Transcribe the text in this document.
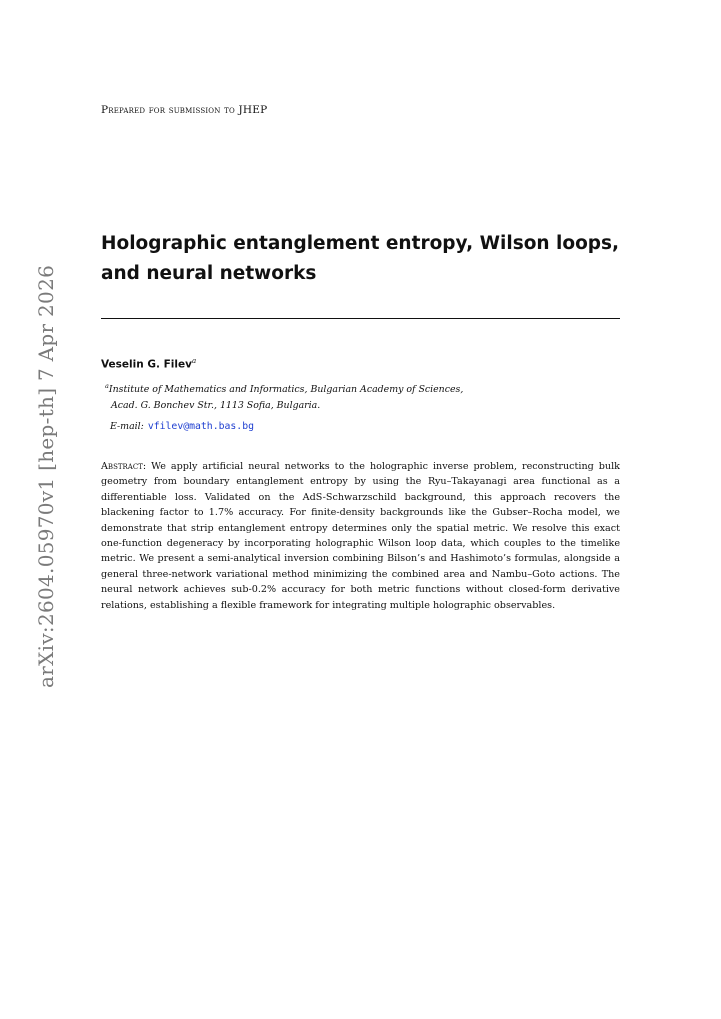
arXiv:2604.05970v1 [hep-th] 7 Apr 2026
Prepared for submission to JHEP
Holographic entanglement entropy, Wilson loops, and neural networks
Veselin G. Filev$^a$
$^a$Institute of Mathematics and Informatics, Bulgarian Academy of Sciences,
Acad. G. Bonchev Str., 1113 Sofia, Bulgaria.
E-mail: vfilev@math.bas.bg
Abstract: We apply artificial neural networks to the holographic inverse problem, reconstructing bulk geometry from boundary entanglement entropy by using the Ryu–Takayanagi area functional as a differentiable loss. Validated on the AdS-Schwarzschild background, this approach recovers the blackening factor to 1.7% accuracy. For finite-density backgrounds like the Gubser–Rocha model, we demonstrate that strip entanglement entropy determines only the spatial metric. We resolve this exact one-function degeneracy by incorporating holographic Wilson loop data, which couples to the timelike metric. We present a semi-analytical inversion combining Bilson’s and Hashimoto’s formulas, alongside a general three-network variational method minimizing the combined area and Nambu–Goto actions. The neural network achieves sub-0.2% accuracy for both metric functions without closed-form derivative relations, establishing a flexible framework for integrating multiple holographic observables.
